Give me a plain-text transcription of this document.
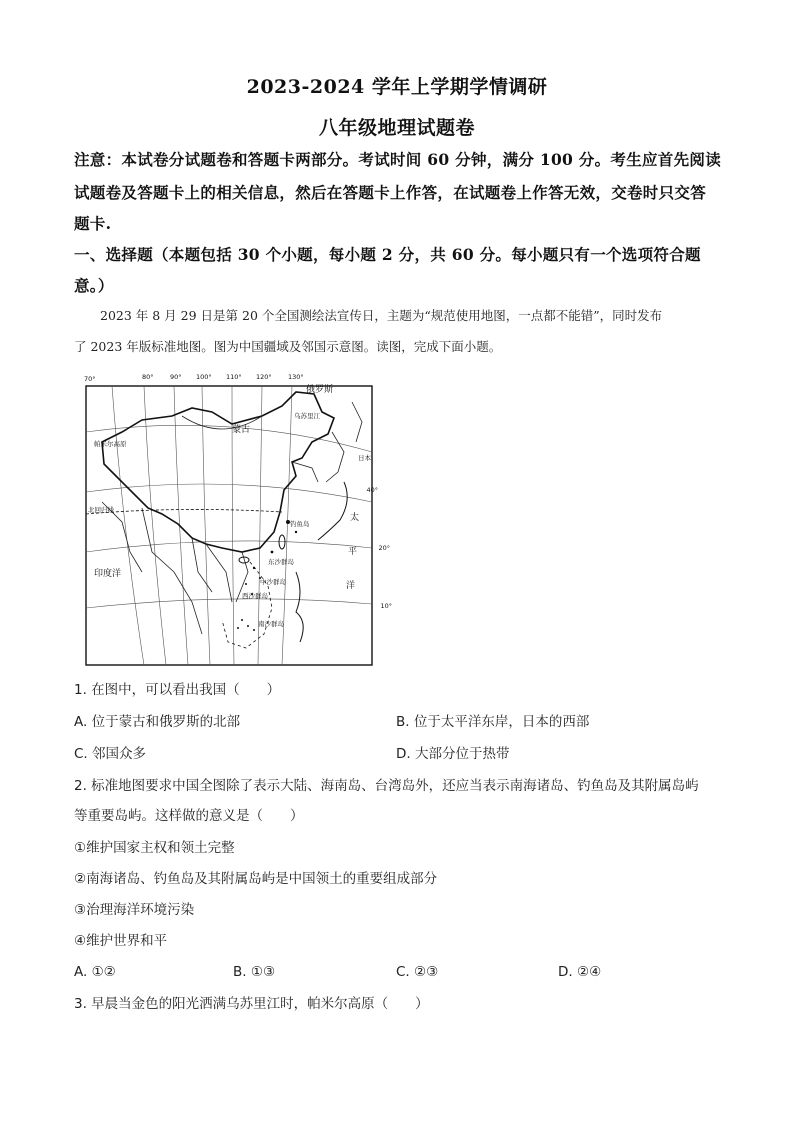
2023-2024 学年上学期学情调研
八年级地理试题卷
注意：本试卷分试题卷和答题卡两部分。考试时间 60 分钟，满分 100 分。考生应首先阅读
试题卷及答题卡上的相关信息，然后在答题卡上作答，在试题卷上作答无效，交卷时只交答
题卡.
一、选择题（本题包括 30 个小题，每小题 2 分，共 60 分。每小题只有一个选项符合题
意。）
2023 年 8 月 29 日是第 20 个全国测绘法宣传日，主题为“规范使用地图，一点都不能错”，同时发布
了 2023 年版标准地图。图为中国疆域及邻国示意图。读图，完成下面小题。
70°	80°	90° 100° 110° 120°	130°
40°
20°
10°
俄罗斯
蒙古
帕米尔高原
乌苏里江
日本
太
平
洋
北回归线
印度洋
钓鱼岛
东沙群岛
中沙群岛
西沙群岛
南沙群岛
1. 在图中，可以看出我国（　　）
A. 位于蒙古和俄罗斯的北部	B. 位于太平洋东岸，日本的西部
C. 邻国众多	D. 大部分位于热带
2. 标准地图要求中国全图除了表示大陆、海南岛、台湾岛外，还应当表示南海诸岛、钓鱼岛及其附属岛屿
等重要岛屿。这样做的意义是（　　）
①维护国家主权和领土完整
②南海诸岛、钓鱼岛及其附属岛屿是中国领土的重要组成部分
③治理海洋环境污染
④维护世界和平
A. ①②	B. ①③	C. ②③	D. ②④
3. 早晨当金色的阳光洒满乌苏里江时，帕米尔高原（　　）
